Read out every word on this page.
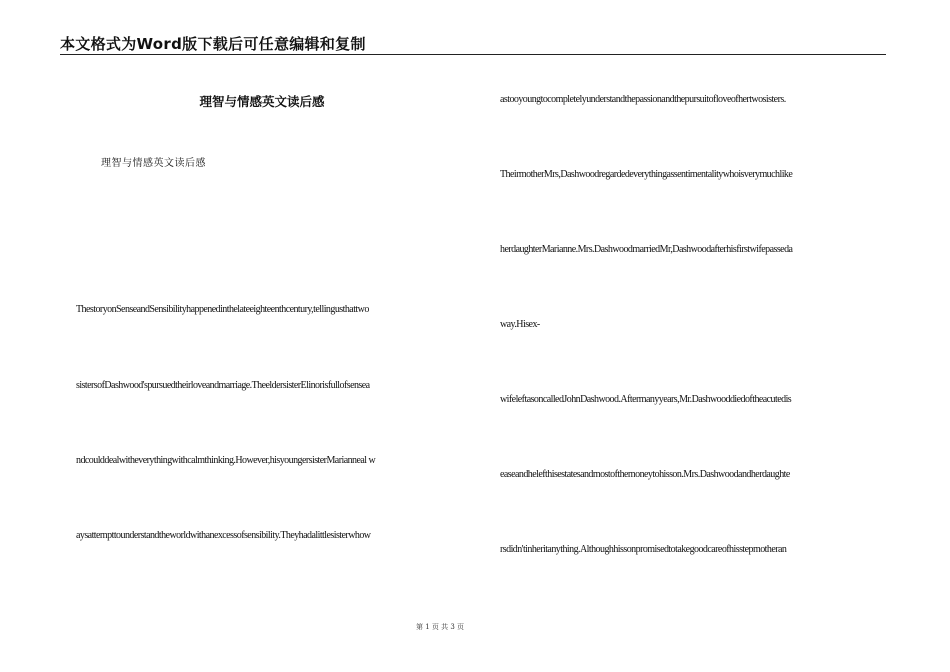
本文格式为Word版下载后可任意编辑和复制
理智与情感英文读后感
理智与情感英文读后感
ThestoryonSenseandSensibilityhappenedinthelateeighteenthcentury,tellingusthattwo
sistersofDashwood'spursuedtheirloveandmarriage.TheeldersisterElinorisfullofsensea
ndcoulddealwitheverythingwithcalmthinking.However,hisyoungersisterMarianneal w
aysattempttounderstandtheworldwithanexcessofsensibility.Theyhadalittlesisterwhow
astooyoungtocompletelyunderstandthepassionandthepursuitofloveofhertwosisters.
TheirmotherMrs,Dashwoodregardedeverythingassentimentalitywhoisverymuchlike
herdaughterMarianne.Mrs.DashwoodmarriedMr,Dashwoodafterhisfirstwifepasseda
way.Hisex-
wifeleftasoncalledJohnDashwood.Aftermanyyears,Mr.Dashwooddiedoftheacutedis
easeandhelefthisestatesandmostofthemoneytohisson.Mrs.Dashwoodandherdaughte
rsdidn'tinheritanything.Althoughhissonpromisedtotakegoodcareofhisstepmotheran
第 1 页 共 3 页
